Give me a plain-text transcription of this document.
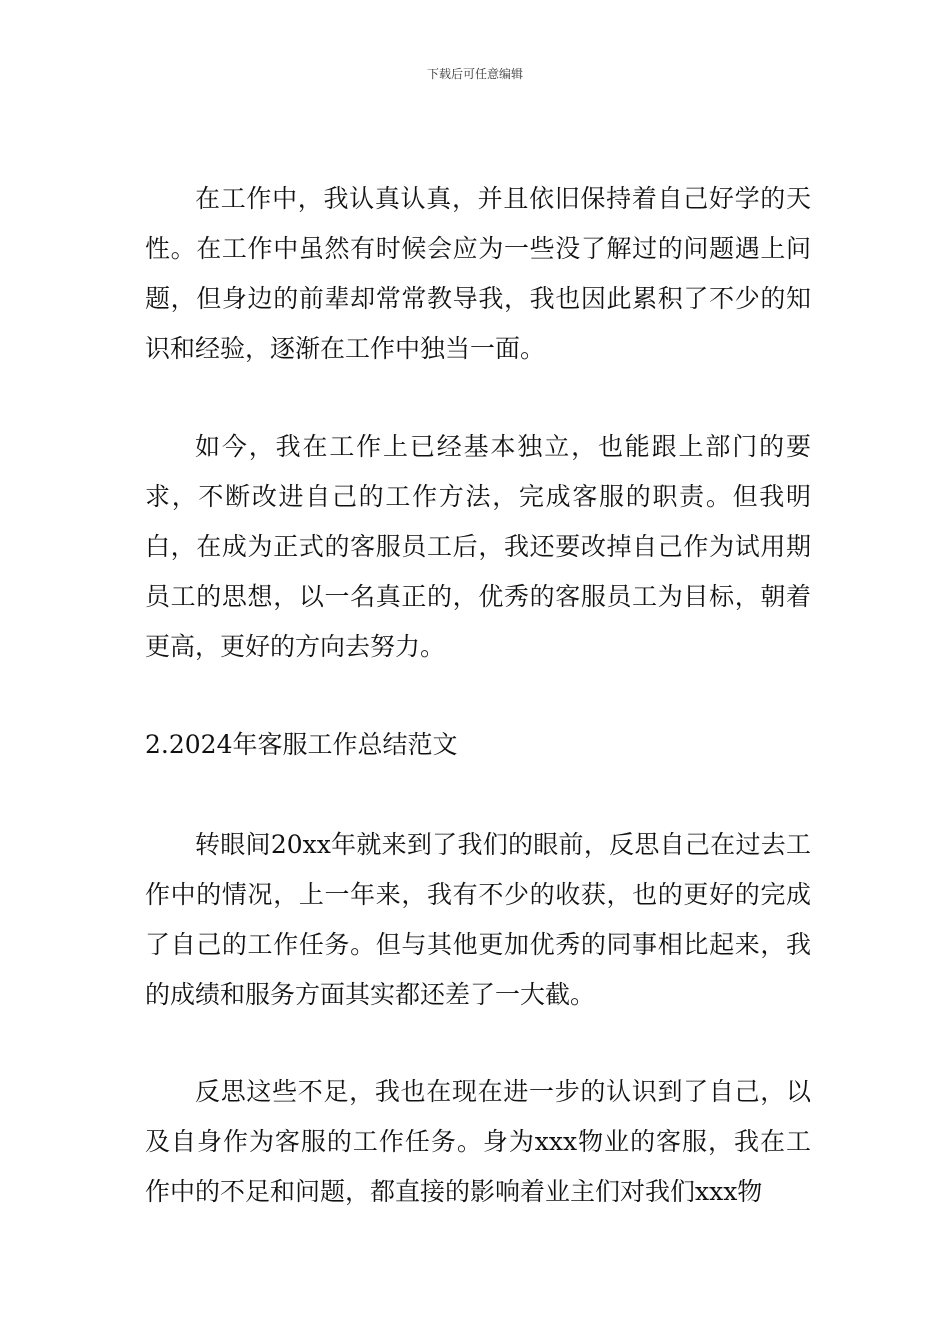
下载后可任意编辑

在工作中，我认真认真，并且依旧保持着自己好学的天性。在工作中虽然有时候会应为一些没了解过的问题遇上问题，但身边的前辈却常常教导我，我也因此累积了不少的知识和经验，逐渐在工作中独当一面。

如今，我在工作上已经基本独立，也能跟上部门的要求，不断改进自己的工作方法，完成客服的职责。但我明白，在成为正式的客服员工后，我还要改掉自己作为试用期员工的思想，以一名真正的，优秀的客服员工为目标，朝着更高，更好的方向去努力。

2.2024年客服工作总结范文

转眼间20xx年就来到了我们的眼前，反思自己在过去工作中的情况，上一年来，我有不少的收获，也的更好的完成了自己的工作任务。但与其他更加优秀的同事相比起来，我的成绩和服务方面其实都还差了一大截。

反思这些不足，我也在现在进一步的认识到了自己，以及自身作为客服的工作任务。身为xxx物业的客服，我在工作中的不足和问题，都直接的影响着业主们对我们xxx物
